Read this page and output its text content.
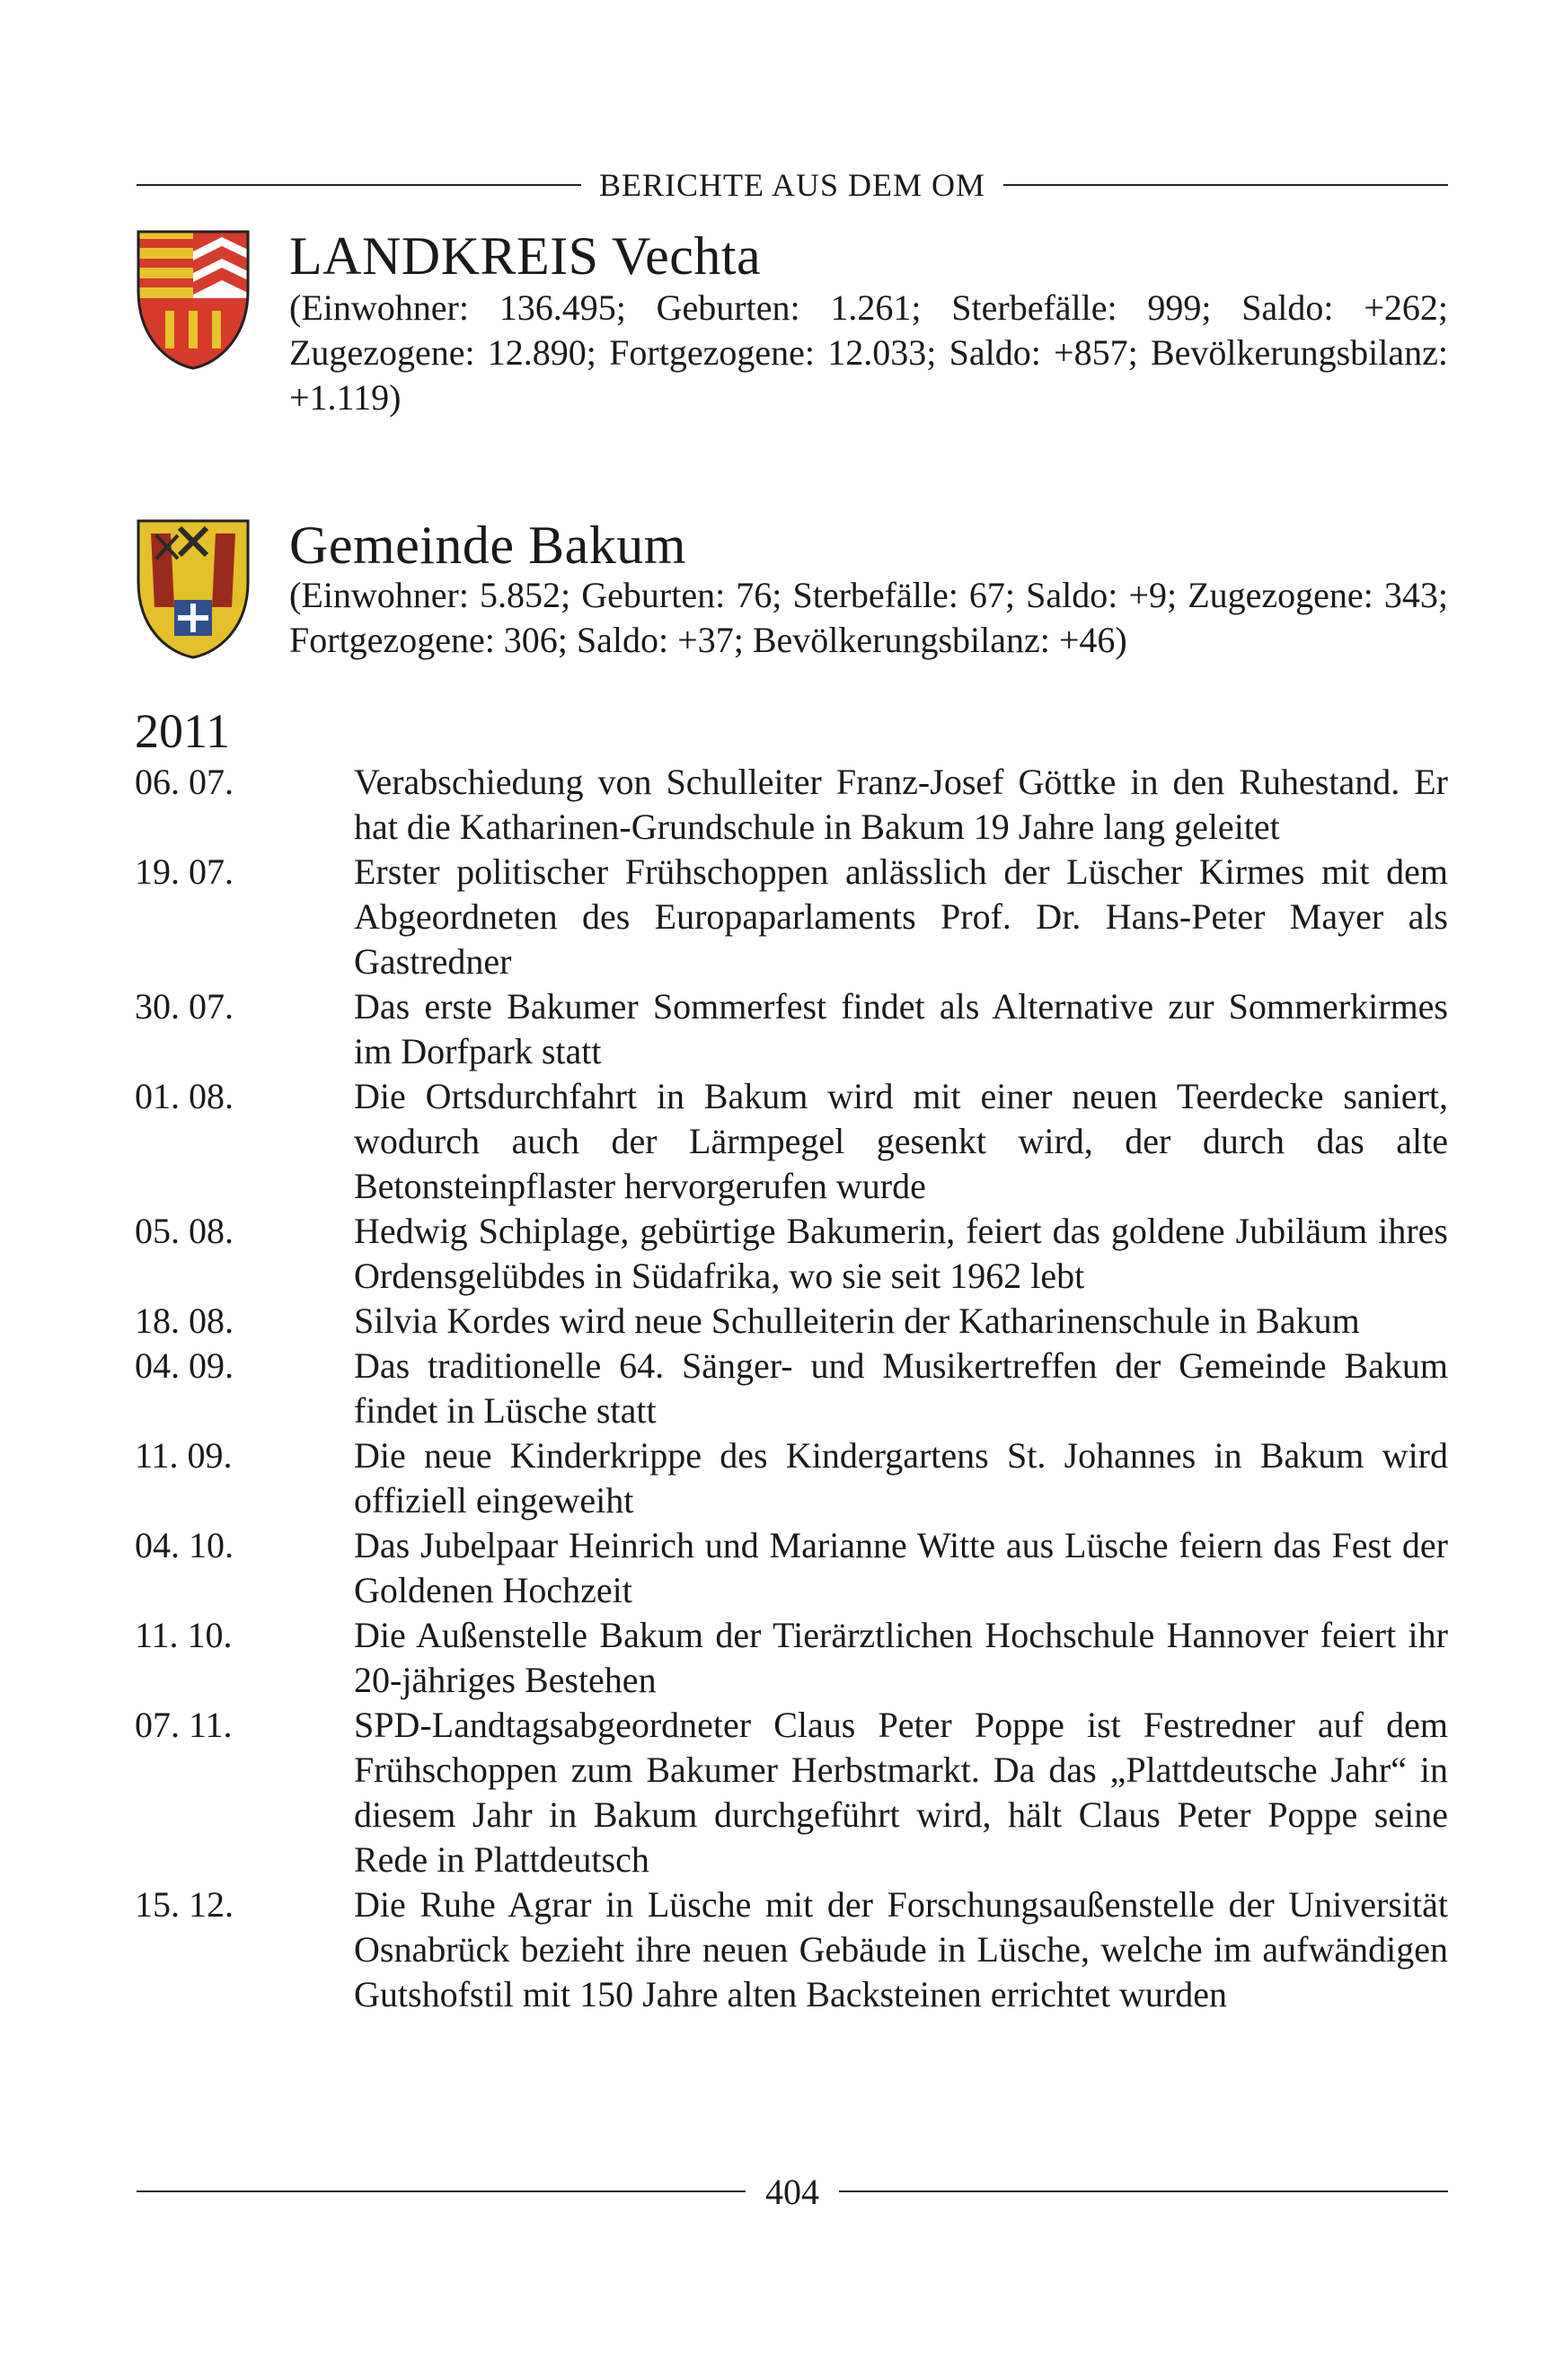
BERICHTE AUS DEM OM
LANDKREIS Vechta
(Einwohner: 136.495; Geburten: 1.261; Sterbefälle: 999; Saldo: +262; Zugezogene: 12.890; Fortgezogene: 12.033; Saldo: +857; Bevölkerungsbilanz: +1.119)
Gemeinde Bakum
(Einwohner: 5.852; Geburten: 76; Sterbefälle: 67; Saldo: +9; Zugezogene: 343; Fortgezogene: 306; Saldo: +37; Bevölkerungsbilanz: +46)
2011
06. 07.	Verabschiedung von Schulleiter Franz-Josef Göttke in den Ruhestand. Er hat die Katharinen-Grundschule in Bakum 19 Jahre lang geleitet
19. 07.	Erster politischer Frühschoppen anlässlich der Lüscher Kirmes mit dem Abgeordneten des Europaparlaments Prof. Dr. Hans-Peter Mayer als Gastredner
30. 07.	Das erste Bakumer Sommerfest findet als Alternative zur Sommerkirmes im Dorfpark statt
01. 08.	Die Ortsdurchfahrt in Bakum wird mit einer neuen Teerdecke saniert, wodurch auch der Lärmpegel gesenkt wird, der durch das alte Betonsteinpflaster hervorgerufen wurde
05. 08.	Hedwig Schiplage, gebürtige Bakumerin, feiert das goldene Jubiläum ihres Ordensgelübdes in Südafrika, wo sie seit 1962 lebt
18. 08.	Silvia Kordes wird neue Schulleiterin der Katharinenschule in Bakum
04. 09.	Das traditionelle 64. Sänger- und Musikertreffen der Gemeinde Bakum findet in Lüsche statt
11. 09.	Die neue Kinderkrippe des Kindergartens St. Johannes in Bakum wird offiziell eingeweiht
04. 10.	Das Jubelpaar Heinrich und Marianne Witte aus Lüsche feiern das Fest der Goldenen Hochzeit
11. 10.	Die Außenstelle Bakum der Tierärztlichen Hochschule Hannover feiert ihr 20-jähriges Bestehen
07. 11.	SPD-Landtagsabgeordneter Claus Peter Poppe ist Festredner auf dem Frühschoppen zum Bakumer Herbstmarkt. Da das „Plattdeutsche Jahr“ in diesem Jahr in Bakum durchgeführt wird, hält Claus Peter Poppe seine Rede in Plattdeutsch
15. 12.	Die Ruhe Agrar in Lüsche mit der Forschungsaußenstelle der Universität Osnabrück bezieht ihre neuen Gebäude in Lüsche, welche im aufwändigen Gutshofstil mit 150 Jahre alten Backsteinen errichtet wurden
404
